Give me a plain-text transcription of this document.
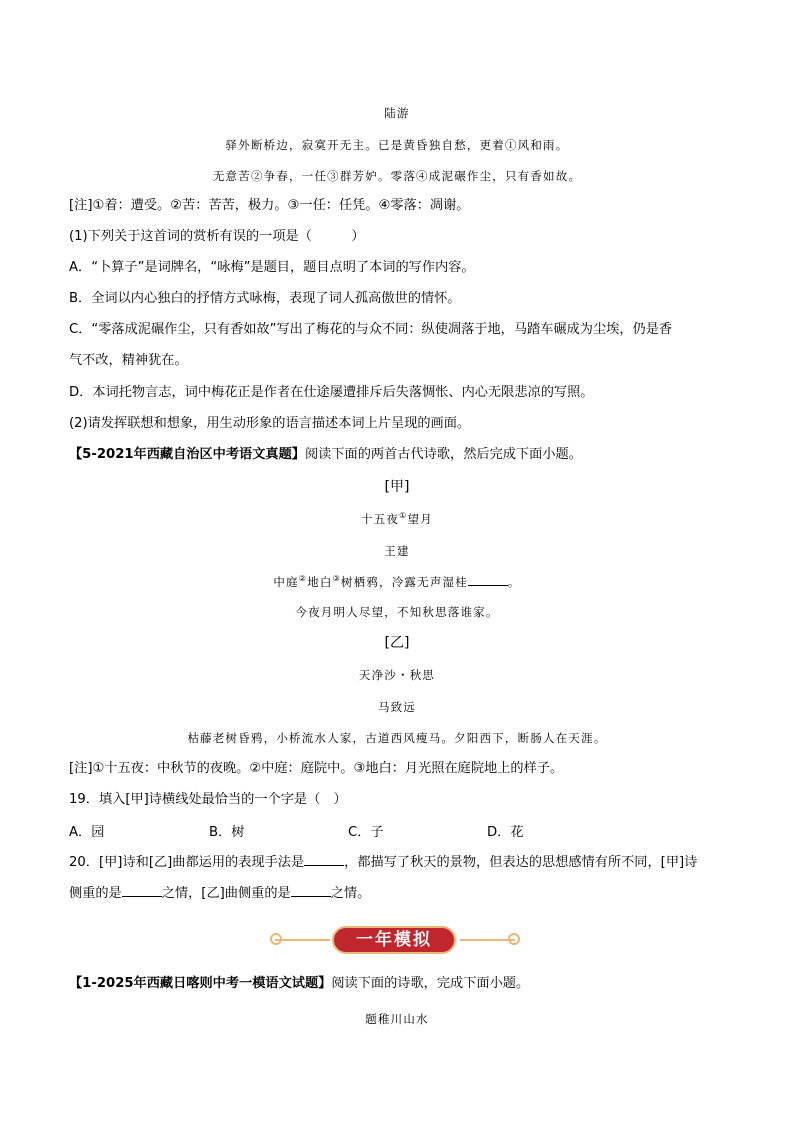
陆游
驿外断桥边，寂寞开无主。已是黄昏独自愁，更着①风和雨。
无意苦②争春，一任③群芳妒。零落④成泥碾作尘，只有香如故。
[注]①着：遭受。②苦：苦苦，极力。③一任：任凭。④零落：凋谢。
(1)下列关于这首词的赏析有误的一项是（　　　）
A．“卜算子”是词牌名，“咏梅”是题目，题目点明了本词的写作内容。
B．全词以内心独白的抒情方式咏梅，表现了词人孤高傲世的情怀。
C．“零落成泥碾作尘，只有香如故”写出了梅花的与众不同：纵使凋落于地，马踏车碾成为尘埃，仍是香
气不改，精神犹在。
D．本词托物言志，词中梅花正是作者在仕途屡遭排斥后失落惆怅、内心无限悲凉的写照。
(2)请发挥联想和想象，用生动形象的语言描述本词上片呈现的画面。
【5-2021年西藏自治区中考语文真题】阅读下面的两首古代诗歌，然后完成下面小题。
[甲]
十五夜①望月
王建
中庭②地白③树栖鸦，冷露无声湿桂	。
今夜月明人尽望，不知秋思落谁家。
[乙]
天净沙・秋思
马致远
枯藤老树昏鸦，小桥流水人家，古道西风瘦马。夕阳西下，断肠人在天涯。
[注]①十五夜：中秋节的夜晚。②中庭：庭院中。③地白：月光照在庭院地上的样子。
19．填入[甲]诗横线处最恰当的一个字是（　）
A．园	B．树	C．子	D．花
20．[甲]诗和[乙]曲都运用的表现手法是	，都描写了秋天的景物，但表达的思想感情有所不同，[甲]诗
侧重的是	之情，[乙]曲侧重的是	之情。
一年模拟
【1-2025年西藏日喀则中考一模语文试题】阅读下面的诗歌，完成下面小题。
题稚川山水
